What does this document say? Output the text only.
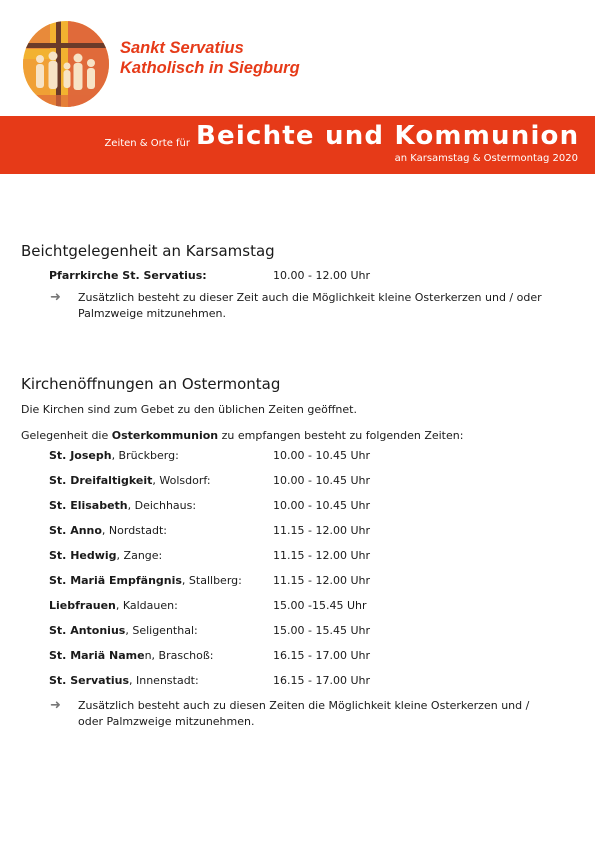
Sankt Servatius
Katholisch in Siegburg
Zeiten & Orte für Beichte und Kommunion
an Karsamstag & Ostermontag 2020
Beichtgelegenheit an Karsamstag
Pfarrkirche St. Servatius:	10.00 - 12.00 Uhr
➜ Zusätzlich besteht zu dieser Zeit auch die Möglichkeit kleine Osterkerzen und / oder Palmzweige mitzunehmen.
Kirchenöffnungen an Ostermontag

Die Kirchen sind zum Gebet zu den üblichen Zeiten geöffnet.

Gelegenheit die Osterkommunion zu empfangen besteht zu folgenden Zeiten:

St. Joseph, Brückberg:	10.00 - 10.45 Uhr
St. Dreifaltigkeit, Wolsdorf:	10.00 - 10.45 Uhr
St. Elisabeth, Deichhaus:	10.00 - 10.45 Uhr
St. Anno, Nordstadt:	11.15 - 12.00 Uhr
St. Hedwig, Zange:	11.15 - 12.00 Uhr
St. Mariä Empfängnis, Stallberg:	11.15 - 12.00 Uhr
Liebfrauen, Kaldauen:	15.00 -15.45 Uhr
St. Antonius, Seligenthal:	15.00 - 15.45 Uhr
St. Mariä Namen, Braschoß:	16.15 - 17.00 Uhr
St. Servatius, Innenstadt:	16.15 - 17.00 Uhr
➜ Zusätzlich besteht auch zu diesen Zeiten die Möglichkeit kleine Osterkerzen und / oder Palmzweige mitzunehmen.
